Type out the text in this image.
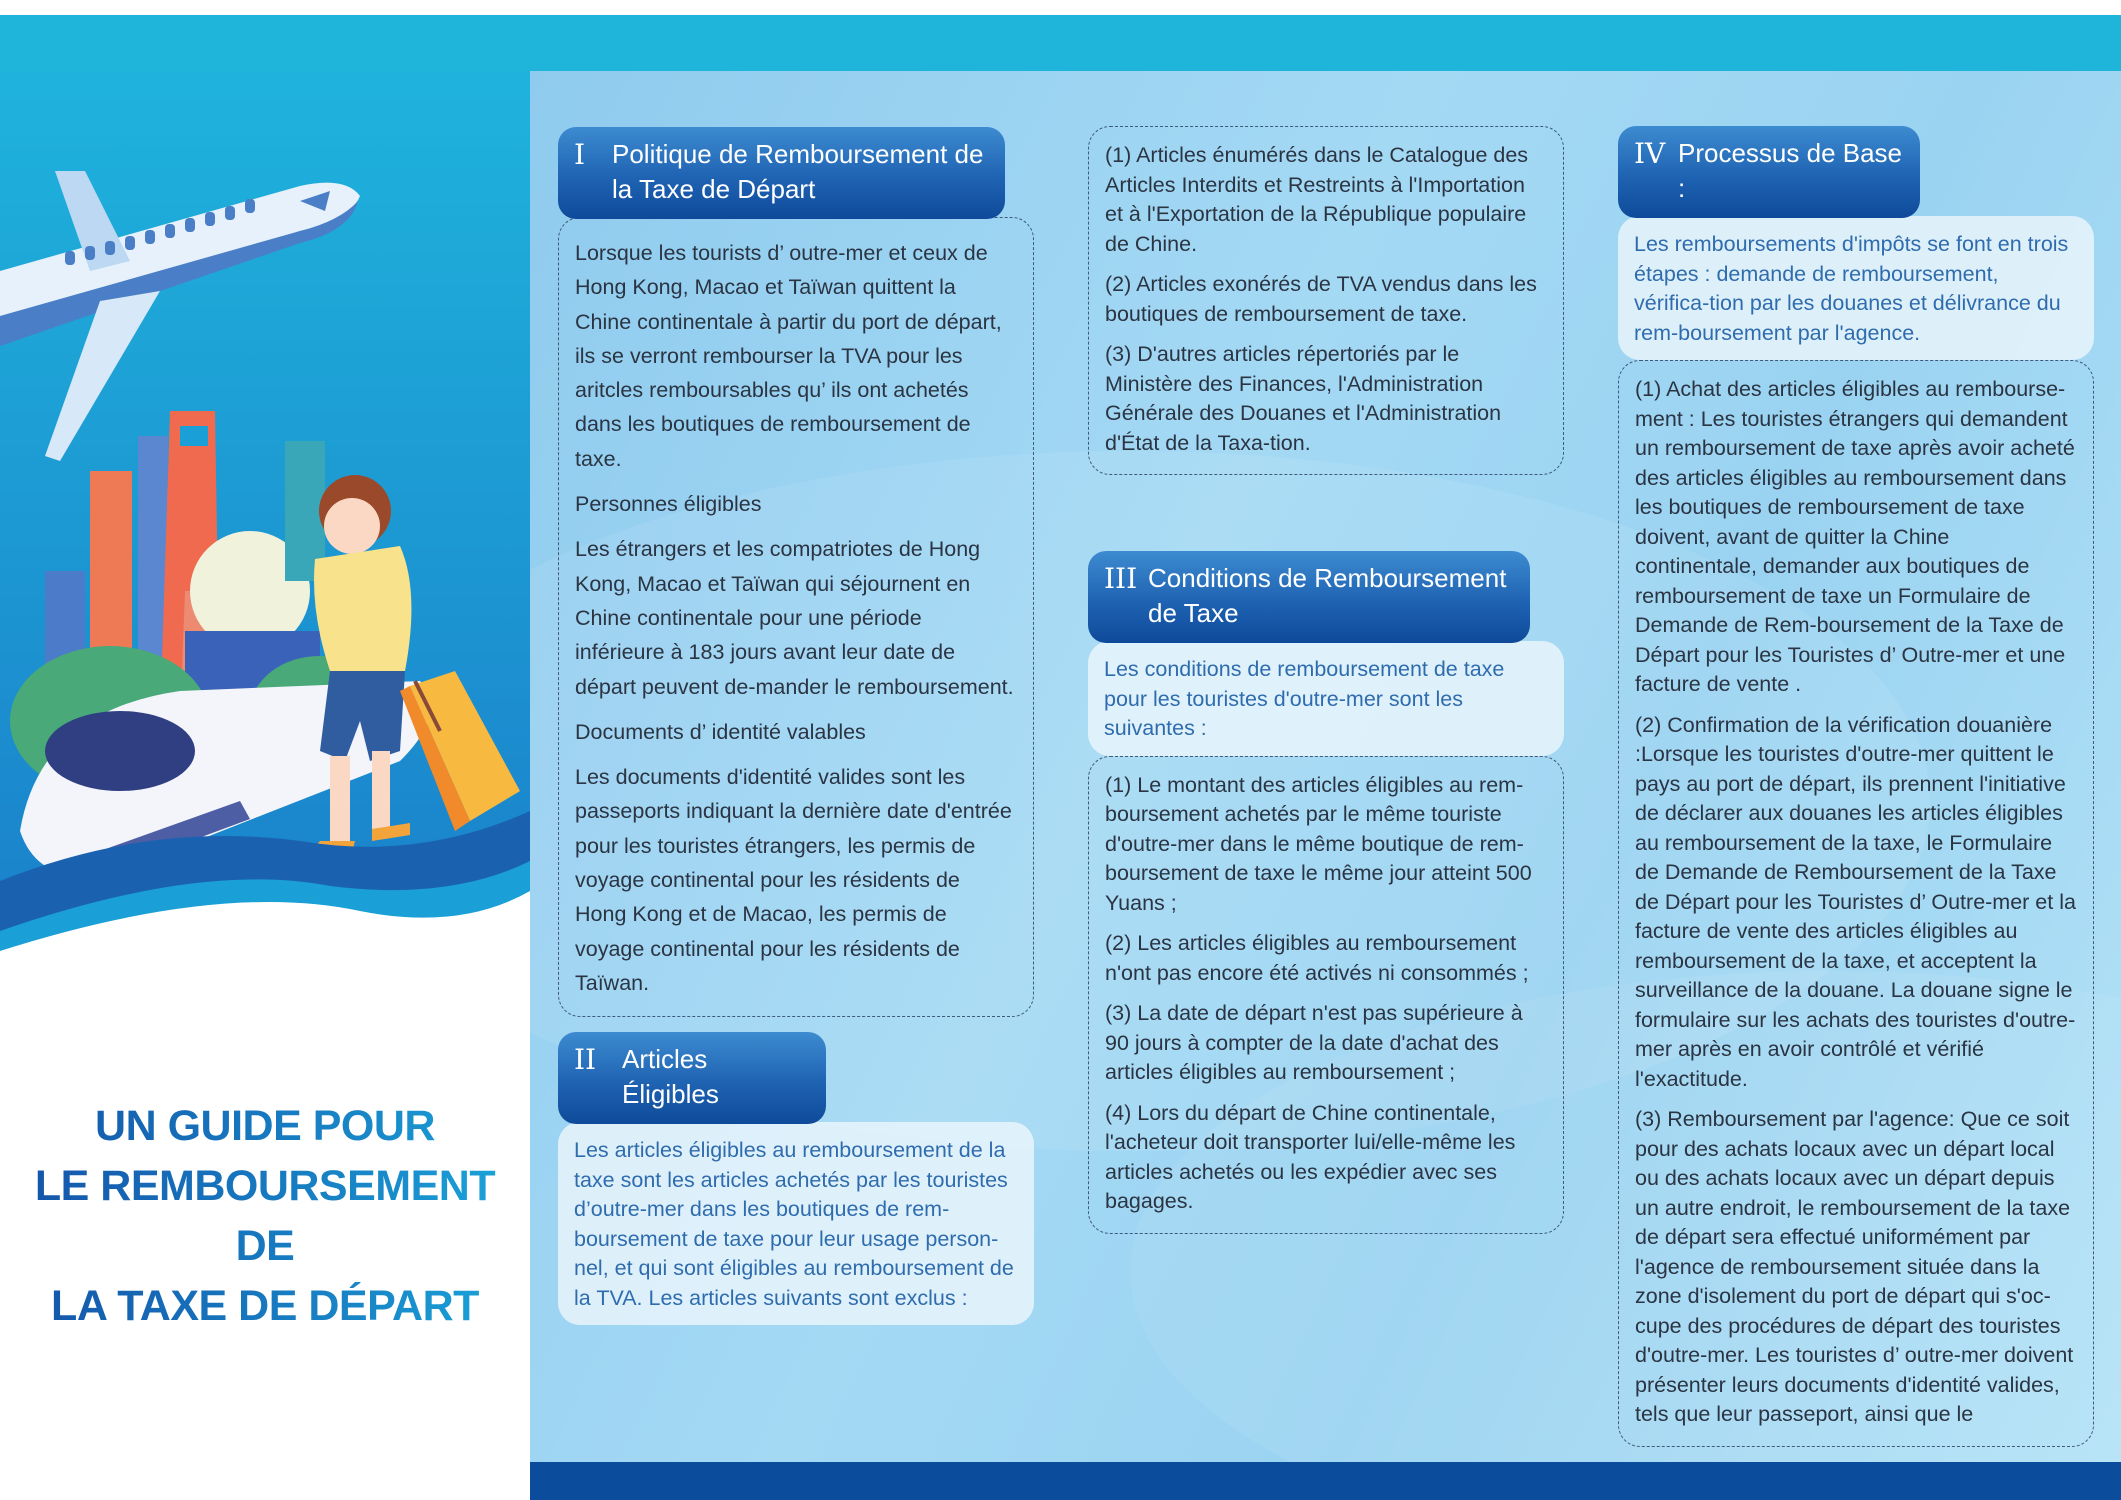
UN GUIDE POUR
LE REMBOURSEMENT DE
LA TAXE DE DÉPART
I	Politique de Remboursement de la Taxe de Départ

Lorsque les tourists d’ outre-mer et ceux de Hong Kong, Macao et Taïwan quittent la Chine continentale à partir du port de départ, ils se verront rembourser la TVA pour les aritcles remboursables qu’ ils ont achetés dans les boutiques de remboursement de taxe.

Personnes éligibles

Les étrangers et les compatriotes de Hong Kong, Macao et Taïwan qui séjournent en Chine continentale pour une période inférieure à 183 jours avant leur date de départ peuvent de-mander le remboursement.

Documents d’ identité valables

Les documents d'identité valides sont les passeports indiquant la dernière date d'entrée pour les touristes étrangers, les permis de voyage continental pour les résidents de Hong Kong et de Macao, les permis de voyage continental pour les résidents de Taïwan.

II Articles Éligibles
Les articles éligibles au remboursement de la taxe sont les articles achetés par les touristes d’outre-mer dans les boutiques de rem-boursement de taxe pour leur usage person-nel, et qui sont éligibles au remboursement de la TVA. Les articles suivants sont exclus :

(1) Articles énumérés dans le Catalogue des Articles Interdits et Restreints à l'Importation et à l'Exportation de la République populaire de Chine.

(2) Articles exonérés de TVA vendus dans les boutiques de remboursement de taxe.

(3) D'autres articles répertoriés par le Ministère des Finances, l'Administration Générale des Douanes et l'Administration d'État de la Taxa-tion.

III Conditions de Remboursement de Taxe
Les conditions de remboursement de taxe pour les touristes d'outre-mer sont les suivantes :

(1) Le montant des articles éligibles au rem-boursement achetés par le même touriste d'outre-mer dans le même boutique de rem-boursement de taxe le même jour atteint 500 Yuans ;

(2) Les articles éligibles au remboursement n'ont pas encore été activés ni consommés ;

(3) La date de départ n'est pas supérieure à 90 jours à compter de la date d'achat des articles éligibles au remboursement ;

(4) Lors du départ de Chine continentale, l'acheteur doit transporter lui/elle-même les articles achetés ou les expédier avec ses bagages.

IV Processus de Base :
Les remboursements d'impôts se font en trois étapes : demande de remboursement, vérifica-tion par les douanes et délivrance du rem-boursement par l'agence.

(1) Achat des articles éligibles au rembourse-ment : Les touristes étrangers qui demandent un remboursement de taxe après avoir acheté des articles éligibles au remboursement dans les boutiques de remboursement de taxe doivent, avant de quitter la Chine continentale, demander aux boutiques de remboursement de taxe un Formulaire de Demande de Rem-boursement de la Taxe de Départ pour les Touristes d’ Outre-mer et une facture de vente .

(2) Confirmation de la vérification douanière :Lorsque les touristes d'outre-mer quittent le pays au port de départ, ils prennent l'initiative de déclarer aux douanes les articles éligibles au remboursement de la taxe, le Formulaire de Demande de Remboursement de la Taxe de Départ pour les Touristes d’ Outre-mer et la facture de vente des articles éligibles au remboursement de la taxe, et acceptent la surveillance de la douane. La douane signe le formulaire sur les achats des touristes d'outre-mer après en avoir contrôlé et vérifié l'exactitude.

(3) Remboursement par l'agence: Que ce soit pour des achats locaux avec un départ local ou des achats locaux avec un départ depuis un autre endroit, le remboursement de la taxe de départ sera effectué uniformément par l'agence de remboursement située dans la zone d'isolement du port de départ qui s'oc-cupe des procédures de départ des touristes d'outre-mer. Les touristes d’ outre-mer doivent présenter leurs documents d'identité valides, tels que leur passeport, ainsi que le
